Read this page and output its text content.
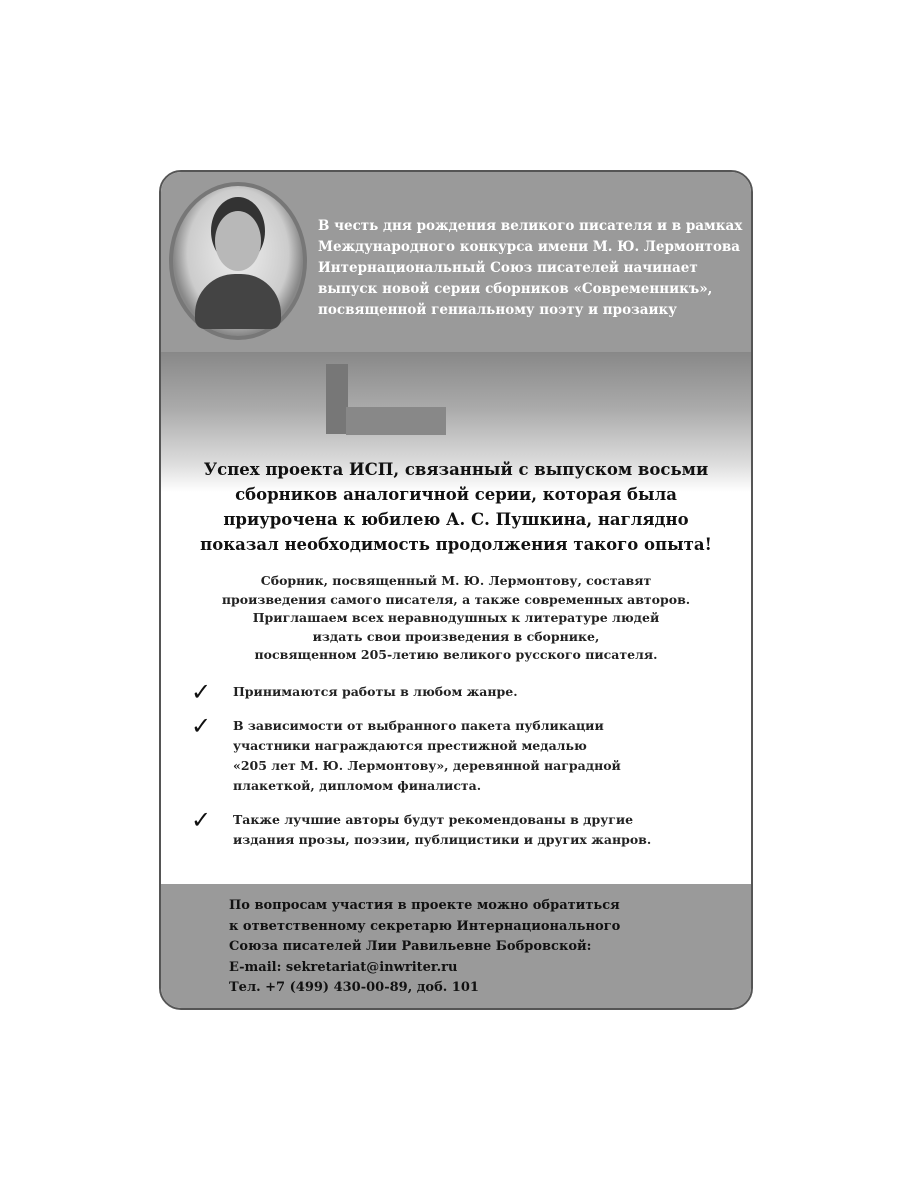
В честь дня рождения великого писателя и в рамках
Международного конкурса имени М. Ю. Лермонтова
Интернациональный Союз писателей начинает
выпуск новой серии сборников «Современникъ»,
посвященной гениальному поэту и прозаику
Успех проекта ИСП, связанный с выпуском восьми
сборников аналогичной серии, которая была
приурочена к юбилею А. С. Пушкина, наглядно
показал необходимость продолжения такого опыта!
Сборник, посвященный М. Ю. Лермонтову, составят
произведения самого писателя, а также современных авторов.
Приглашаем всех неравнодушных к литературе людей
издать свои произведения в сборнике,
посвященном 205-летию великого русского писателя.
✓	Принимаются работы в любом жанре.
✓	В зависимости от выбранного пакета публикации
участники награждаются престижной медалью
«205 лет М. Ю. Лермонтову», деревянной наградной
плакеткой, дипломом финалиста.
✓	Также лучшие авторы будут рекомендованы в другие
издания прозы, поэзии, публицистики и других жанров.
По вопросам участия в проекте можно обратиться
к ответственному секретарю Интернационального
Союза писателей Лии Равильевне Бобровской:
E-mail: sekretariat@inwriter.ru
Тел. +7 (499) 430-00-89, доб. 101
